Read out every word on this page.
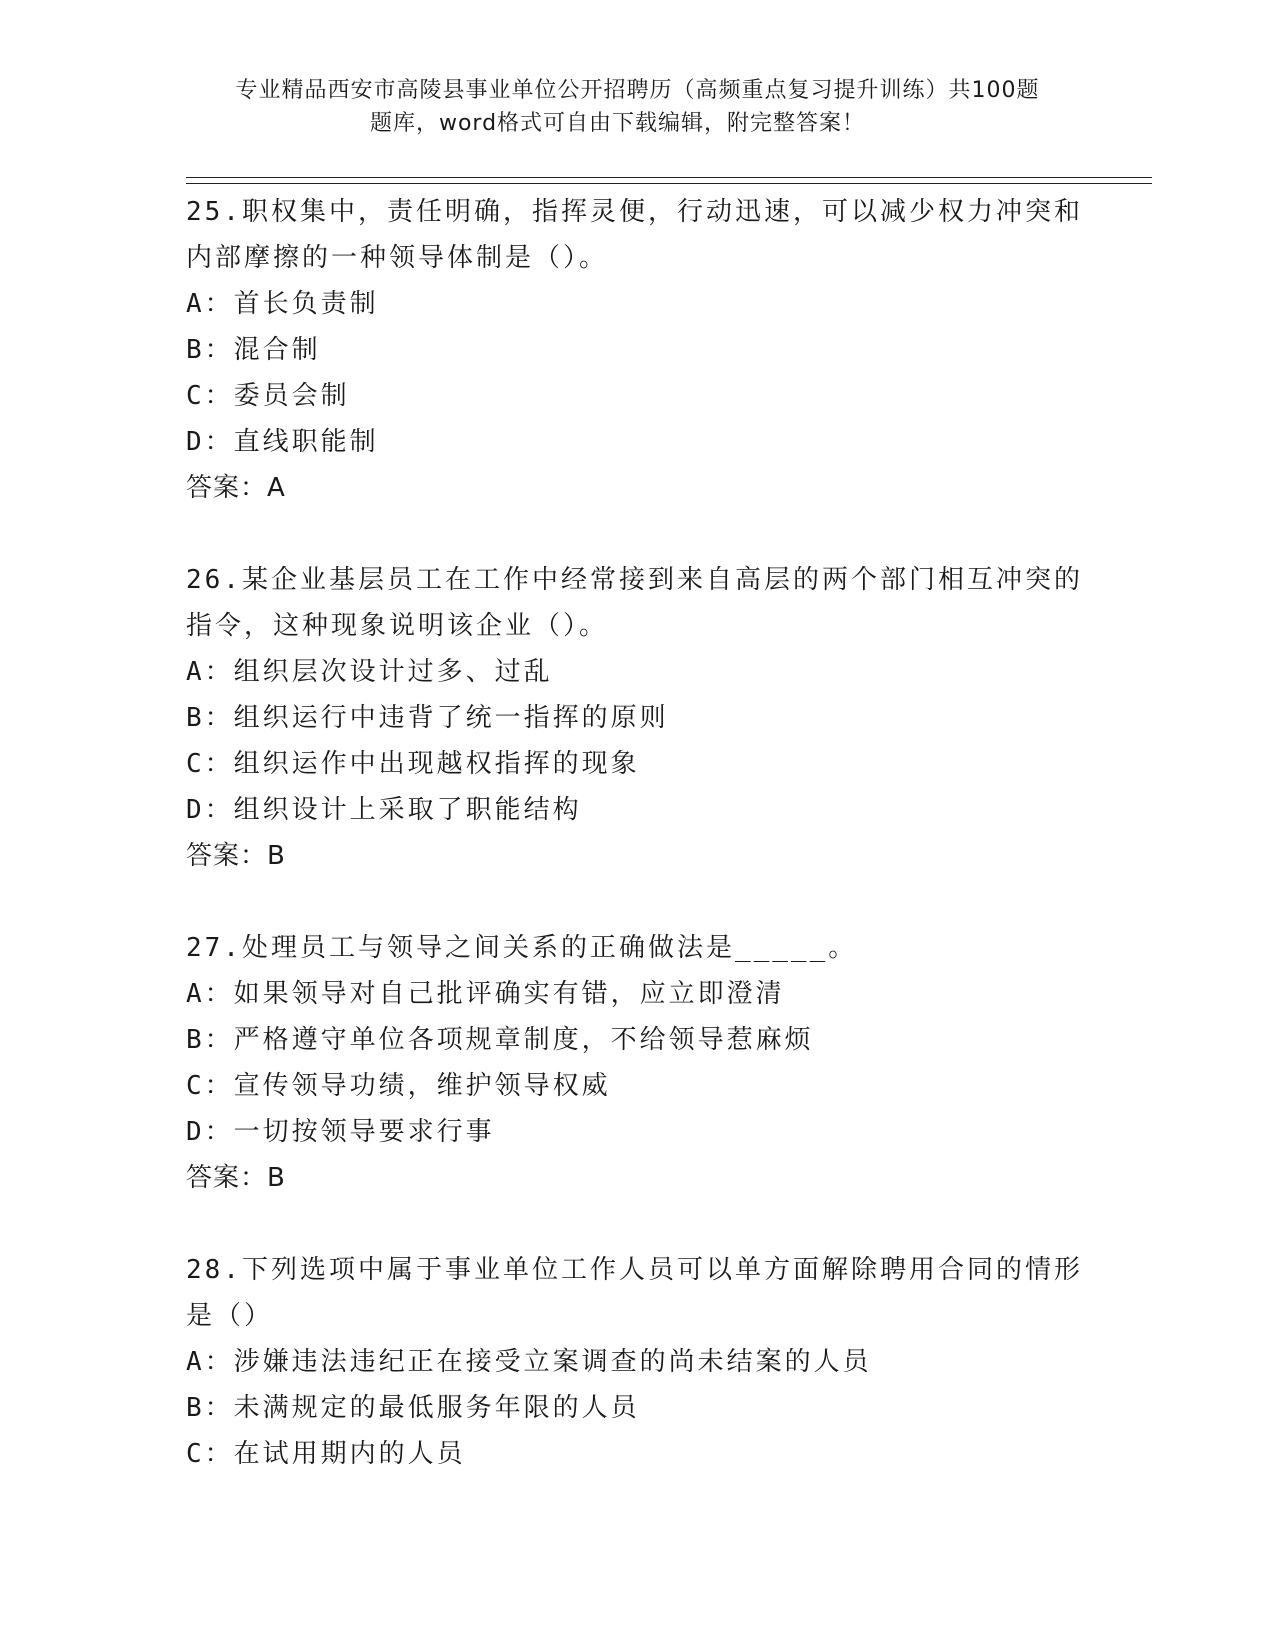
专业精品西安市高陵县事业单位公开招聘历（高频重点复习提升训练）共100题
题库，word格式可自由下载编辑，附完整答案！

25.职权集中，责任明确，指挥灵便，行动迅速，可以减少权力冲突和内部摩擦的一种领导体制是（）。

A：首长负责制
B：混合制
C：委员会制
D：直线职能制
答案：A

26.某企业基层员工在工作中经常接到来自高层的两个部门相互冲突的指令，这种现象说明该企业（）。

A：组织层次设计过多、过乱
B：组织运行中违背了统一指挥的原则
C：组织运作中出现越权指挥的现象
D：组织设计上采取了职能结构
答案：B

27.处理员工与领导之间关系的正确做法是_____。

A：如果领导对自己批评确实有错，应立即澄清
B：严格遵守单位各项规章制度，不给领导惹麻烦
C：宣传领导功绩，维护领导权威
D：一切按领导要求行事
答案：B

28.下列选项中属于事业单位工作人员可以单方面解除聘用合同的情形是（）

A：涉嫌违法违纪正在接受立案调查的尚未结案的人员
B：未满规定的最低服务年限的人员
C：在试用期内的人员
